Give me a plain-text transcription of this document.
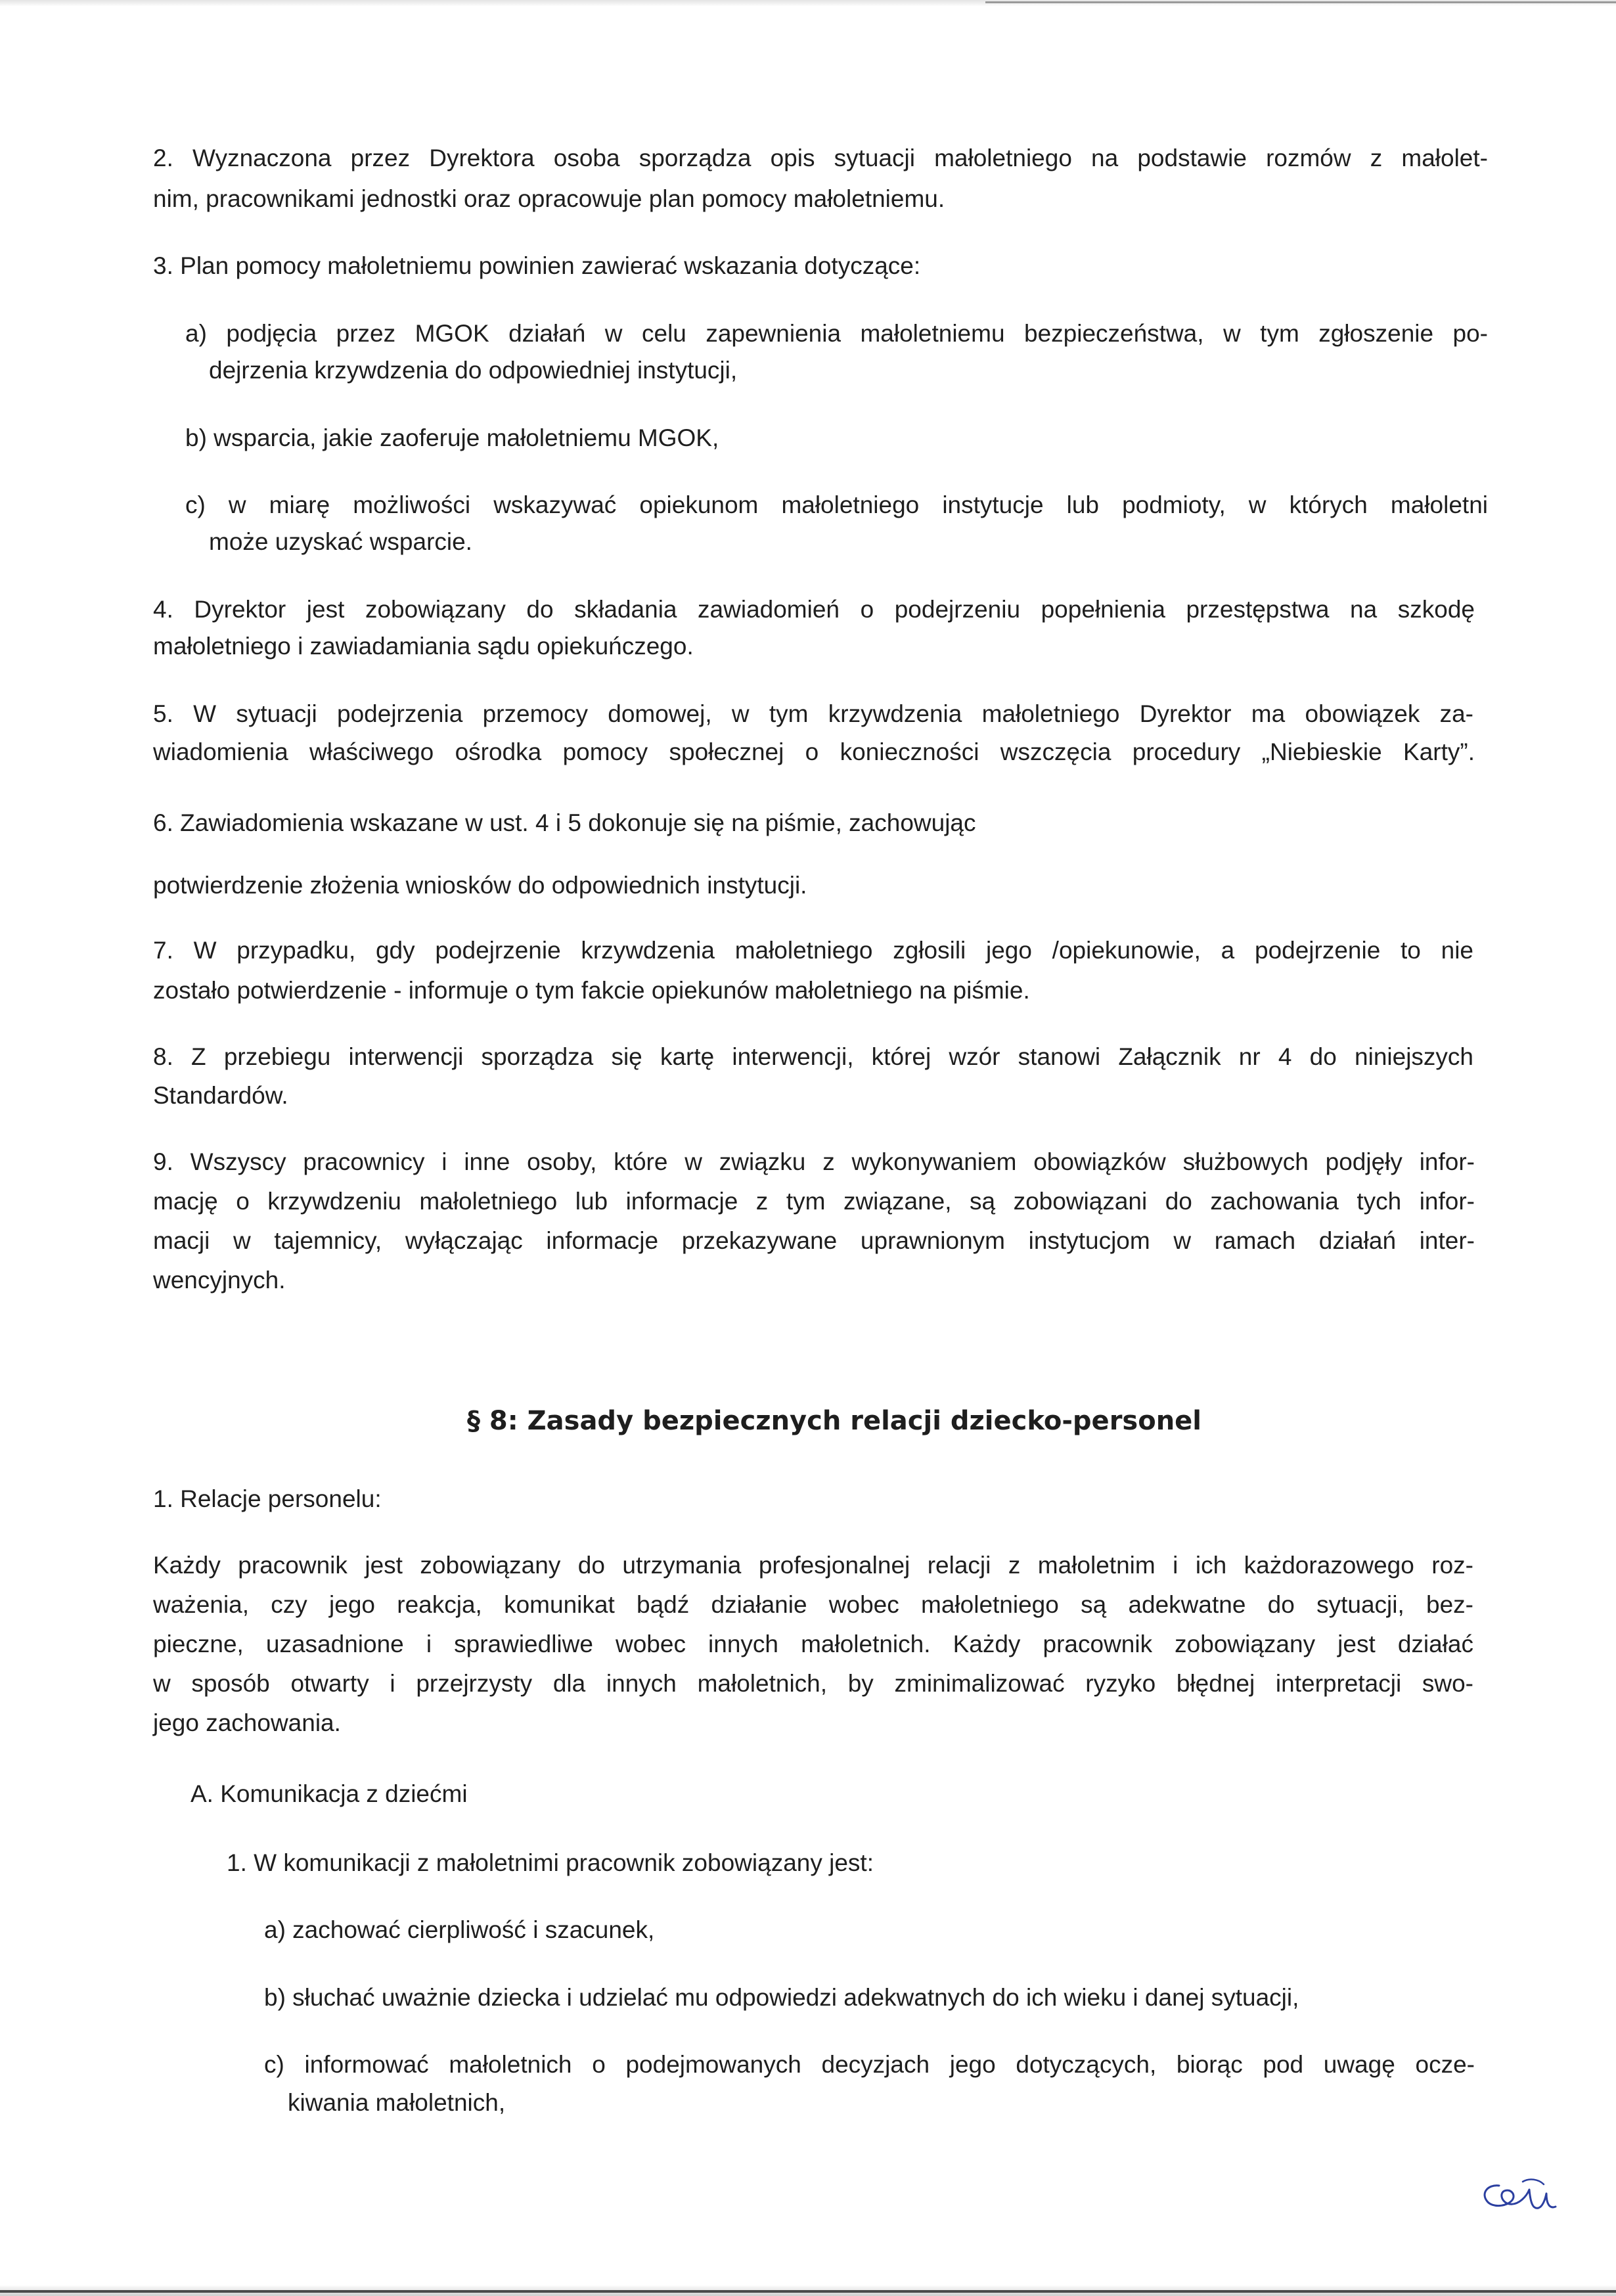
2. Wyznaczona przez Dyrektora osoba sporządza opis sytuacji małoletniego na podstawie rozmów z małolet-

nim, pracownikami jednostki oraz opracowuje plan pomocy małoletniemu.

3. Plan pomocy małoletniemu powinien zawierać wskazania dotyczące:

a) podjęcia przez MGOK działań w celu zapewnienia małoletniemu bezpieczeństwa, w tym zgłoszenie po-

dejrzenia krzywdzenia do odpowiedniej instytucji,

b) wsparcia, jakie zaoferuje małoletniemu MGOK,

c) w miarę możliwości wskazywać opiekunom małoletniego instytucje lub podmioty, w których małoletni

może uzyskać wsparcie.

4. Dyrektor jest zobowiązany do składania zawiadomień o podejrzeniu popełnienia przestępstwa na szkodę

małoletniego i zawiadamiania sądu opiekuńczego.

5. W sytuacji podejrzenia przemocy domowej, w tym krzywdzenia małoletniego Dyrektor ma obowiązek za-

wiadomienia właściwego ośrodka pomocy społecznej o konieczności wszczęcia procedury „Niebieskie Karty”.

6. Zawiadomienia wskazane w ust. 4 i 5 dokonuje się na piśmie, zachowując

potwierdzenie złożenia wniosków do odpowiednich instytucji.

7. W przypadku, gdy podejrzenie krzywdzenia małoletniego zgłosili jego /opiekunowie, a podejrzenie to nie

zostało potwierdzenie - informuje o tym fakcie opiekunów małoletniego na piśmie.

8. Z przebiegu interwencji sporządza się kartę interwencji, której wzór stanowi Załącznik nr 4 do niniejszych

Standardów.

9. Wszyscy pracownicy i inne osoby, które w związku z wykonywaniem obowiązków służbowych podjęły infor-

mację o krzywdzeniu małoletniego lub informacje z tym związane, są zobowiązani do zachowania tych infor-

macji w tajemnicy, wyłączając informacje przekazywane uprawnionym instytucjom w ramach działań inter-

wencyjnych.

§ 8: Zasady bezpiecznych relacji dziecko-personel

1. Relacje personelu:

Każdy pracownik jest zobowiązany do utrzymania profesjonalnej relacji z małoletnim i ich każdorazowego roz-

ważenia, czy jego reakcja, komunikat bądź działanie wobec małoletniego są adekwatne do sytuacji, bez-

pieczne, uzasadnione i sprawiedliwe wobec innych małoletnich. Każdy pracownik zobowiązany jest działać

w sposób otwarty i przejrzysty dla innych małoletnich, by zminimalizować ryzyko błędnej interpretacji swo-

jego zachowania.

A. Komunikacja z dziećmi

1. W komunikacji z małoletnimi pracownik zobowiązany jest:

a) zachować cierpliwość i szacunek,

b) słuchać uważnie dziecka i udzielać mu odpowiedzi adekwatnych do ich wieku i danej sytuacji,

c) informować małoletnich o podejmowanych decyzjach jego dotyczących, biorąc pod uwagę ocze-

kiwania małoletnich,
